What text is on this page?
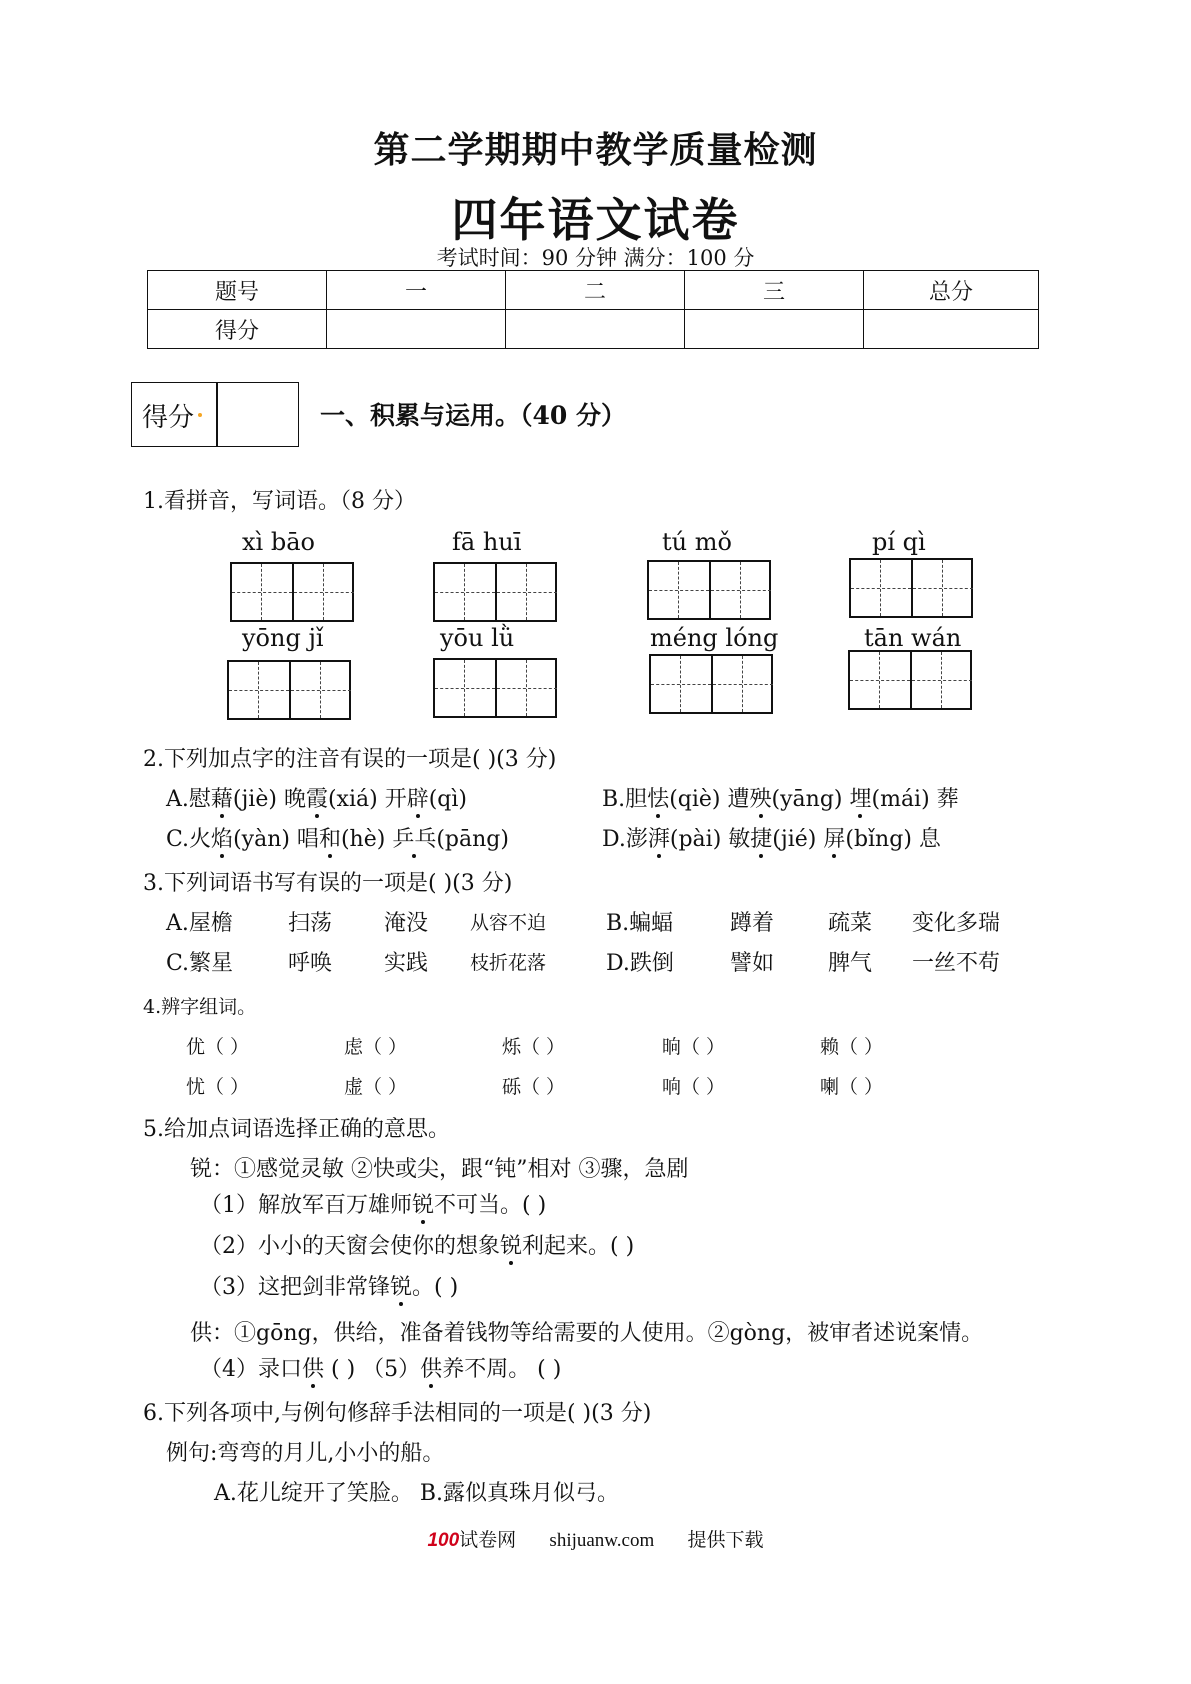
第二学期期中教学质量检测
四年语文试卷
考试时间：90 分钟 满分：100 分
题号	一	二	三	总分
得分				
得分	一、积累与运用。（40 分）
1.看拼音，写词语。（8 分）
xì bāo	fā huī	tú mǒ	pí qì
yōng jǐ	yōu lǜ	méng lóng	tān wán
2.下列加点字的注音有误的一项是( )(3 分)
A.慰藉(jiè) 晚霞(xiá) 开辟(qì)	B.胆怯(qiè) 遭殃(yāng) 埋(mái) 葬
C.火焰(yàn) 唱和(hè) 乒乓(pāng)	D.澎湃(pài) 敏捷(jié) 屏(bǐng) 息
3.下列词语书写有误的一项是( )(3 分)
A.屋檐	扫荡 淹没 从容不迫	B.蝙蝠	蹲着 疏菜 变化多瑞
C.繁星 呼唤 实践 枝折花落	D.跌倒	譬如 脾气 一丝不苟
4.辨字组词。
优（ ）	虑（ ）	烁（ ）	晌（ ）	赖（ ）
忧（ ）	虚（ ）	砾（ ）	响（ ）	喇（ ）
5.给加点词语选择正确的意思。
锐：①感觉灵敏 ②快或尖，跟“钝”相对 ③骤，急剧
（1）解放军百万雄师锐不可当。( )
（2）小小的天窗会使你的想象锐利起来。( )
（3）这把剑非常锋锐。( )
供：①gōng，供给，准备着钱物等给需要的人使用。②gòng，被审者述说案情。
（4）录口供 ( ) （5）供养不周。 ( )
6.下列各项中,与例句修辞手法相同的一项是( )(3 分)
例句:弯弯的月儿,小小的船。
A.花儿绽开了笑脸。 B.露似真珠月似弓。
100试卷网 shijuanw.com 提供下载
